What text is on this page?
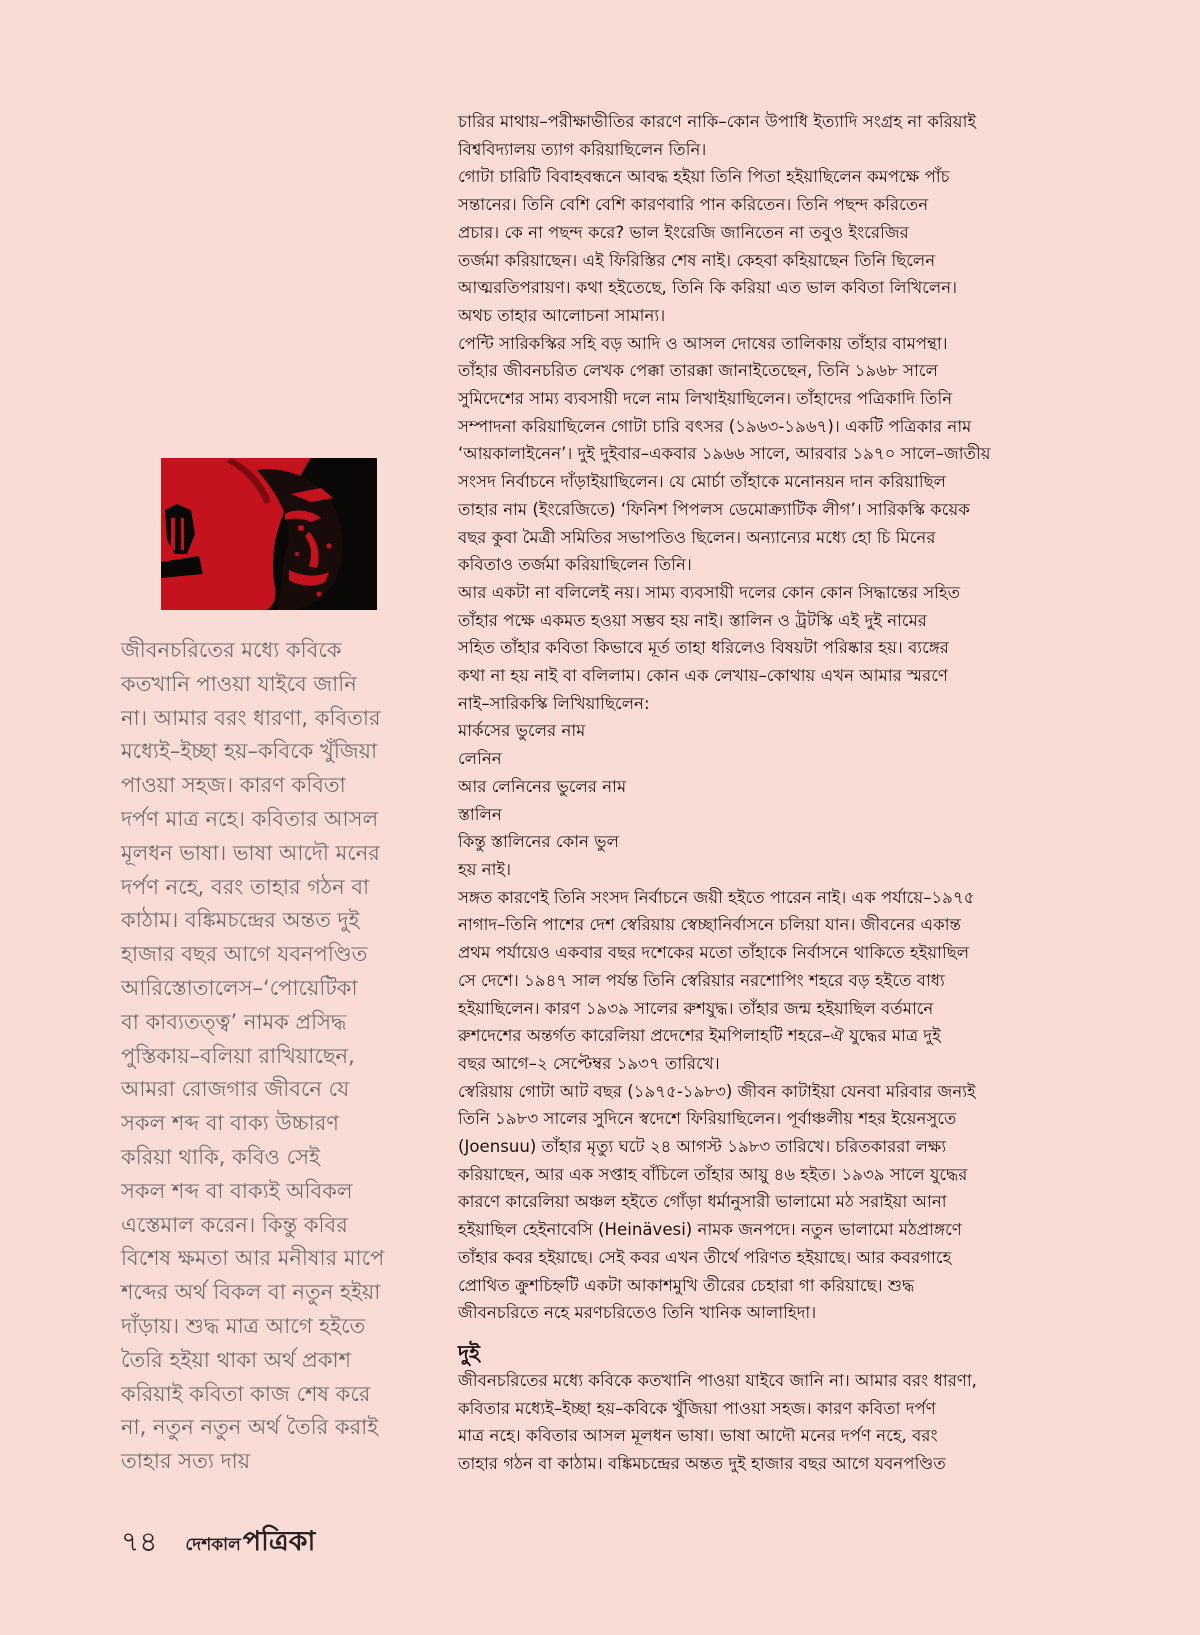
চারির মাথায়–পরীক্ষাভীতির কারণে নাকি–কোন উপাধি ইত্যাদি সংগ্রহ না করিয়াই
বিশ্ববিদ্যালয় ত্যাগ করিয়াছিলেন তিনি।

গোটা চারিটি বিবাহবন্ধনে আবদ্ধ হইয়া তিনি পিতা হইয়াছিলেন কমপক্ষে পাঁচ
সন্তানের। তিনি বেশি বেশি কারণবারি পান করিতেন। তিনি পছন্দ করিতেন
প্রচার। কে না পছন্দ করে? ভাল ইংরেজি জানিতেন না তবুও ইংরেজির
তর্জমা করিয়াছেন। এই ফিরিস্তির শেষ নাই। কেহবা কহিয়াছেন তিনি ছিলেন
আত্মরতিপরায়ণ। কথা হইতেছে, তিনি কি করিয়া এত ভাল কবিতা লিখিলেন।
অথচ তাহার আলোচনা সামান্য।

পেন্টি সারিকস্কির সহি বড় আদি ও আসল দোষের তালিকায় তাঁহার বামপন্থা।
তাঁহার জীবনচরিত লেখক পেক্কা তারক্কা জানাইতেছেন, তিনি ১৯৬৮ সালে
সুমিদেশের সাম্য ব্যবসায়ী দলে নাম লিখাইয়াছিলেন। তাঁহাদের পত্রিকাদি তিনি
সম্পাদনা করিয়াছিলেন গোটা চারি বৎসর (১৯৬৩-১৯৬৭)। একটি পত্রিকার নাম
‘আয়কালাইনেন’। দুই দুইবার–একবার ১৯৬৬ সালে, আরবার ১৯৭০ সালে–জাতীয়
সংসদ নির্বাচনে দাঁড়াইয়াছিলেন। যে মোর্চা তাঁহাকে মনোনয়ন দান করিয়াছিল
তাহার নাম (ইংরেজিতে) ‘ফিনিশ পিপলস ডেমোক্র্যাটিক লীগ’। সারিকস্কি কয়েক
বছর কুবা মৈত্রী সমিতির সভাপতিও ছিলেন। অন্যান্যের মধ্যে হো চি মিনের
কবিতাও তর্জমা করিয়াছিলেন তিনি।

আর একটা না বলিলেই নয়। সাম্য ব্যবসায়ী দলের কোন কোন সিদ্ধান্তের সহিত
তাঁহার পক্ষে একমত হওয়া সম্ভব হয় নাই। স্তালিন ও ট্রটস্কি এই দুই নামের
সহিত তাঁহার কবিতা কিভাবে মূর্ত তাহা ধরিলেও বিষয়টা পরিষ্কার হয়। ব্যঙ্গের
কথা না হয় নাই বা বলিলাম। কোন এক লেখায়–কোথায় এখন আমার স্মরণে
নাই–সারিকস্কি লিখিয়াছিলেন:

মার্কসের ভুলের নাম
লেনিন
আর লেনিনের ভুলের নাম
স্তালিন
কিন্তু স্তালিনের কোন ভুল
হয় নাই।

সঙ্গত কারণেই তিনি সংসদ নির্বাচনে জয়ী হইতে পারেন নাই। এক পর্যায়ে–১৯৭৫
নাগাদ–তিনি পাশের দেশ স্বেরিয়ায় স্বেচ্ছানির্বাসনে চলিয়া যান। জীবনের একান্ত
প্রথম পর্যায়েও একবার বছর দশেকের মতো তাঁহাকে নির্বাসনে থাকিতে হইয়াছিল
সে দেশে। ১৯৪৭ সাল পর্যন্ত তিনি স্বেরিয়ার নরশোপিং শহরে বড় হইতে বাধ্য
হইয়াছিলেন। কারণ ১৯৩৯ সালের রুশযুদ্ধ। তাঁহার জন্ম হইয়াছিল বর্তমানে
রুশদেশের অন্তর্গত কারেলিয়া প্রদেশের ইমপিলাহটি শহরে–ঐ যুদ্ধের মাত্র দুই
বছর আগে–২ সেপ্টেম্বর ১৯৩৭ তারিখে।

স্বেরিয়ায় গোটা আট বছর (১৯৭৫-১৯৮৩) জীবন কাটাইয়া যেনবা মরিবার জন্যই
তিনি ১৯৮৩ সালের সুদিনে স্বদেশে ফিরিয়াছিলেন। পূর্বাঞ্চলীয় শহর ইয়েনসুতে
(Joensuu) তাঁহার মৃত্যু ঘটে ২৪ আগস্ট ১৯৮৩ তারিখে। চরিতকাররা লক্ষ্য
করিয়াছেন, আর এক সপ্তাহ বাঁচিলে তাঁহার আয়ু ৪৬ হইত। ১৯৩৯ সালে যুদ্ধের
কারণে কারেলিয়া অঞ্চল হইতে গোঁড়া ধর্মানুসারী ভালামো মঠ সরাইয়া আনা
হইয়াছিল হেইনাবেসি (Heinävesi) নামক জনপদে। নতুন ভালামো মঠপ্রাঙ্গণে
তাঁহার কবর হইয়াছে। সেই কবর এখন তীর্থে পরিণত হইয়াছে। আর কবরগাহে
প্রোথিত ক্রুশচিহ্নটি একটা আকাশমুখি তীরের চেহারা গা করিয়াছে। শুদ্ধ
জীবনচরিতে নহে মরণচরিতেও তিনি খানিক আলাহিদা।

দুই

জীবনচরিতের মধ্যে কবিকে কতখানি পাওয়া যাইবে জানি না। আমার বরং ধারণা,
কবিতার মধ্যেই–ইচ্ছা হয়–কবিকে খুঁজিয়া পাওয়া সহজ। কারণ কবিতা দর্পণ
মাত্র নহে। কবিতার আসল মূলধন ভাষা। ভাষা আদৌ মনের দর্পণ নহে, বরং
তাহার গঠন বা কাঠাম। বঙ্কিমচন্দ্রের অন্তত দুই হাজার বছর আগে যবনপণ্ডিত

জীবনচরিতের মধ্যে কবিকে
কতখানি পাওয়া যাইবে জানি
না। আমার বরং ধারণা, কবিতার
মধ্যেই–ইচ্ছা হয়–কবিকে খুঁজিয়া
পাওয়া সহজ। কারণ কবিতা
দর্পণ মাত্র নহে। কবিতার আসল
মূলধন ভাষা। ভাষা আদৌ মনের
দর্পণ নহে, বরং তাহার গঠন বা
কাঠাম। বঙ্কিমচন্দ্রের অন্তত দুই
হাজার বছর আগে যবনপণ্ডিত
আরিস্তোতালেস–‘পোয়েটিকা
বা কাব্যতত্ত্ব’ নামক প্রসিদ্ধ
পুস্তিকায়–বলিয়া রাখিয়াছেন,
আমরা রোজগার জীবনে যে
সকল শব্দ বা বাক্য উচ্চারণ
করিয়া থাকি, কবিও সেই
সকল শব্দ বা বাক্যই অবিকল
এস্তেমাল করেন। কিন্তু কবির
বিশেষ ক্ষমতা আর মনীষার মাপে
শব্দের অর্থ বিকল বা নতুন হইয়া
দাঁড়ায়। শুদ্ধ মাত্র আগে হইতে
তৈরি হইয়া থাকা অর্থ প্রকাশ
করিয়াই কবিতা কাজ শেষ করে
না, নতুন নতুন অর্থ তৈরি করাই
তাহার সত্য দায়
৭৪ দেশকাল পত্রিকা
